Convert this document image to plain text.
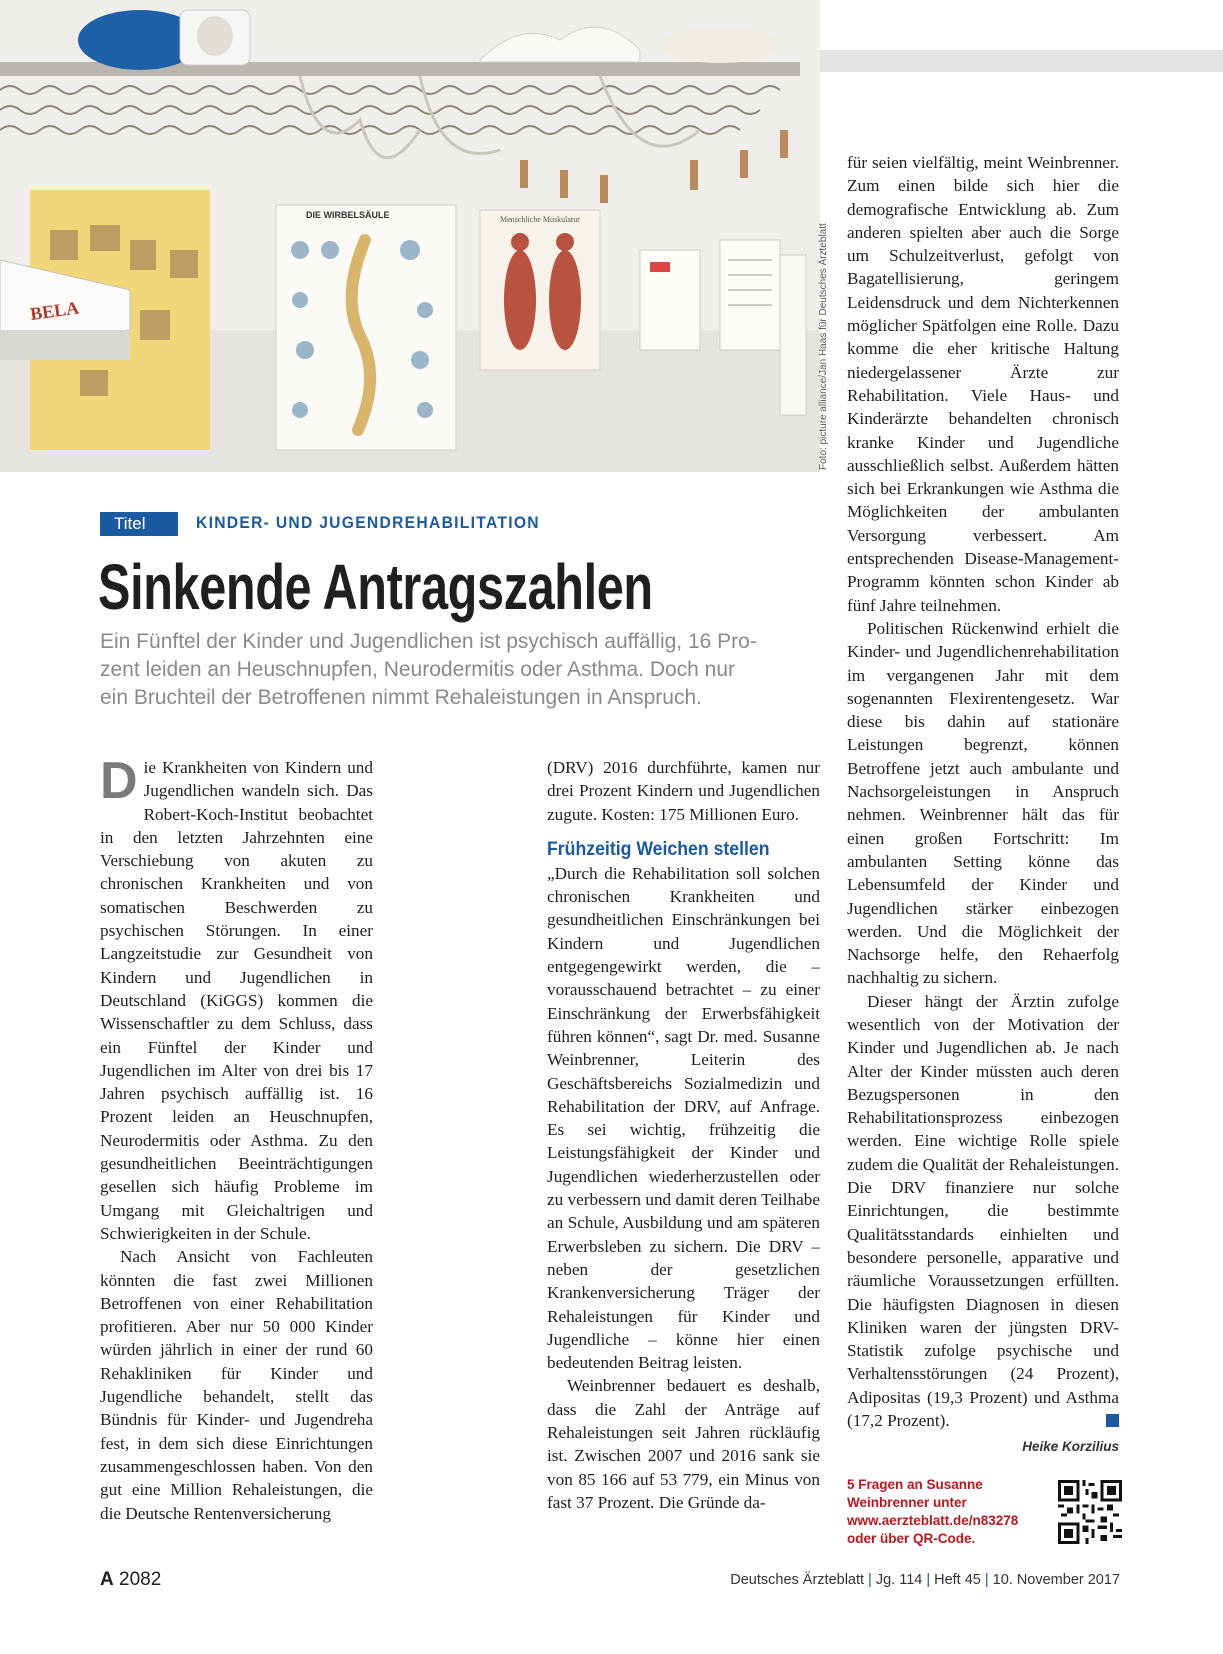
BELA
DIE WIRBELSÄULE	Menschliche Muskulatur
Foto: picture alliance/Jan Haas für Deutsches Ärzteblatt
Titel	KINDER- UND JUGENDREHABILITATION
Sinkende Antragszahlen
Ein Fünftel der Kinder und Jugendlichen ist psychisch auffällig, 16 Pro-
zent leiden an Heuschnupfen, Neurodermitis oder Asthma. Doch nur
ein Bruchteil der Betroffenen nimmt Rehaleistungen in Anspruch.

Die Krankheiten von Kindern und Jugendlichen wandeln sich. Das Robert-Koch-Institut beobachtet in den letzten Jahrzehnten eine Verschiebung von akuten zu chronischen Krankheiten und von somatischen Beschwerden zu psychischen Störungen. In einer Langzeitstudie zur Gesundheit von Kindern und Jugendlichen in Deutschland (KiGGS) kommen die Wissenschaftler zu dem Schluss, dass ein Fünftel der Kinder und Jugendlichen im Alter von drei bis 17 Jahren psychisch auffällig ist. 16 Prozent leiden an Heuschnupfen, Neurodermitis oder Asthma. Zu den gesundheitlichen Beeinträchtigungen gesellen sich häufig Probleme im Umgang mit Gleichaltrigen und Schwierigkeiten in der Schule.

Nach Ansicht von Fachleuten könnten die fast zwei Millionen Betroffenen von einer Rehabilitation profitieren. Aber nur 50 000 Kinder würden jährlich in einer der rund 60 Rehakliniken für Kinder und Jugendliche behandelt, stellt das Bündnis für Kinder- und Jugendreha fest, in dem sich diese Einrichtungen zusammengeschlossen haben. Von den gut eine Million Rehaleistungen, die die Deutsche Rentenversicherung

(DRV) 2016 durchführte, kamen nur drei Prozent Kindern und Jugendlichen zugute. Kosten: 175 Millionen Euro.

Frühzeitig Weichen stellen

„Durch die Rehabilitation soll solchen chronischen Krankheiten und gesundheitlichen Einschränkungen bei Kindern und Jugendlichen entgegengewirkt werden, die – vorausschauend betrachtet – zu einer Einschränkung der Erwerbsfähigkeit führen können“, sagt Dr. med. Susanne Weinbrenner, Leiterin des Geschäftsbereichs Sozialmedizin und Rehabilitation der DRV, auf Anfrage. Es sei wichtig, frühzeitig die Leistungsfähigkeit der Kinder und Jugendlichen wiederherzustellen oder zu verbessern und damit deren Teilhabe an Schule, Ausbildung und am späteren Erwerbsleben zu sichern. Die DRV – neben der gesetzlichen Krankenversicherung Träger der Rehaleistungen für Kinder und Jugendliche – könne hier einen bedeutenden Beitrag leisten.

Weinbrenner bedauert es deshalb, dass die Zahl der Anträge auf Rehaleistungen seit Jahren rückläufig ist. Zwischen 2007 und 2016 sank sie von 85 166 auf 53 779, ein Minus von fast 37 Prozent. Die Gründe da-

für seien vielfältig, meint Weinbrenner. Zum einen bilde sich hier die demografische Entwicklung ab. Zum anderen spielten aber auch die Sorge um Schulzeitverlust, gefolgt von Bagatellisierung, geringem Leidensdruck und dem Nichterkennen möglicher Spätfolgen eine Rolle. Dazu komme die eher kritische Haltung niedergelassener Ärzte zur Rehabilitation. Viele Haus- und Kinderärzte behandelten chronisch kranke Kinder und Jugendliche ausschließlich selbst. Außerdem hätten sich bei Erkrankungen wie Asthma die Möglichkeiten der ambulanten Versorgung verbessert. Am entsprechenden Disease-Management-Programm könnten schon Kinder ab fünf Jahre teilnehmen.

Politischen Rückenwind erhielt die Kinder- und Jugendlichenrehabilitation im vergangenen Jahr mit dem sogenannten Flexirentengesetz. War diese bis dahin auf stationäre Leistungen begrenzt, können Betroffene jetzt auch ambulante und Nachsorgeleistungen in Anspruch nehmen. Weinbrenner hält das für einen großen Fortschritt: Im ambulanten Setting könne das Lebensumfeld der Kinder und Jugendlichen stärker einbezogen werden. Und die Möglichkeit der Nachsorge helfe, den Rehaerfolg nachhaltig zu sichern.

Dieser hängt der Ärztin zufolge wesentlich von der Motivation der Kinder und Jugendlichen ab. Je nach Alter der Kinder müssten auch deren Bezugspersonen in den Rehabilitationsprozess einbezogen werden. Eine wichtige Rolle spiele zudem die Qualität der Rehaleistungen. Die DRV finanziere nur solche Einrichtungen, die bestimmte Qualitätsstandards einhielten und besondere personelle, apparative und räumliche Voraussetzungen erfüllten. Die häufigsten Diagnosen in diesen Kliniken waren der jüngsten DRV-Statistik zufolge psychische und Verhaltensstörungen (24 Prozent), Adipositas (19,3 Prozent) und Asthma (17,2 Prozent).

Heike Korzilius
5 Fragen an Susanne
Weinbrenner unter
www.aerzteblatt.de/n83278
oder über QR-Code.
A 2082	Deutsches Ärzteblatt | Jg. 114 | Heft 45 | 10. November 2017
